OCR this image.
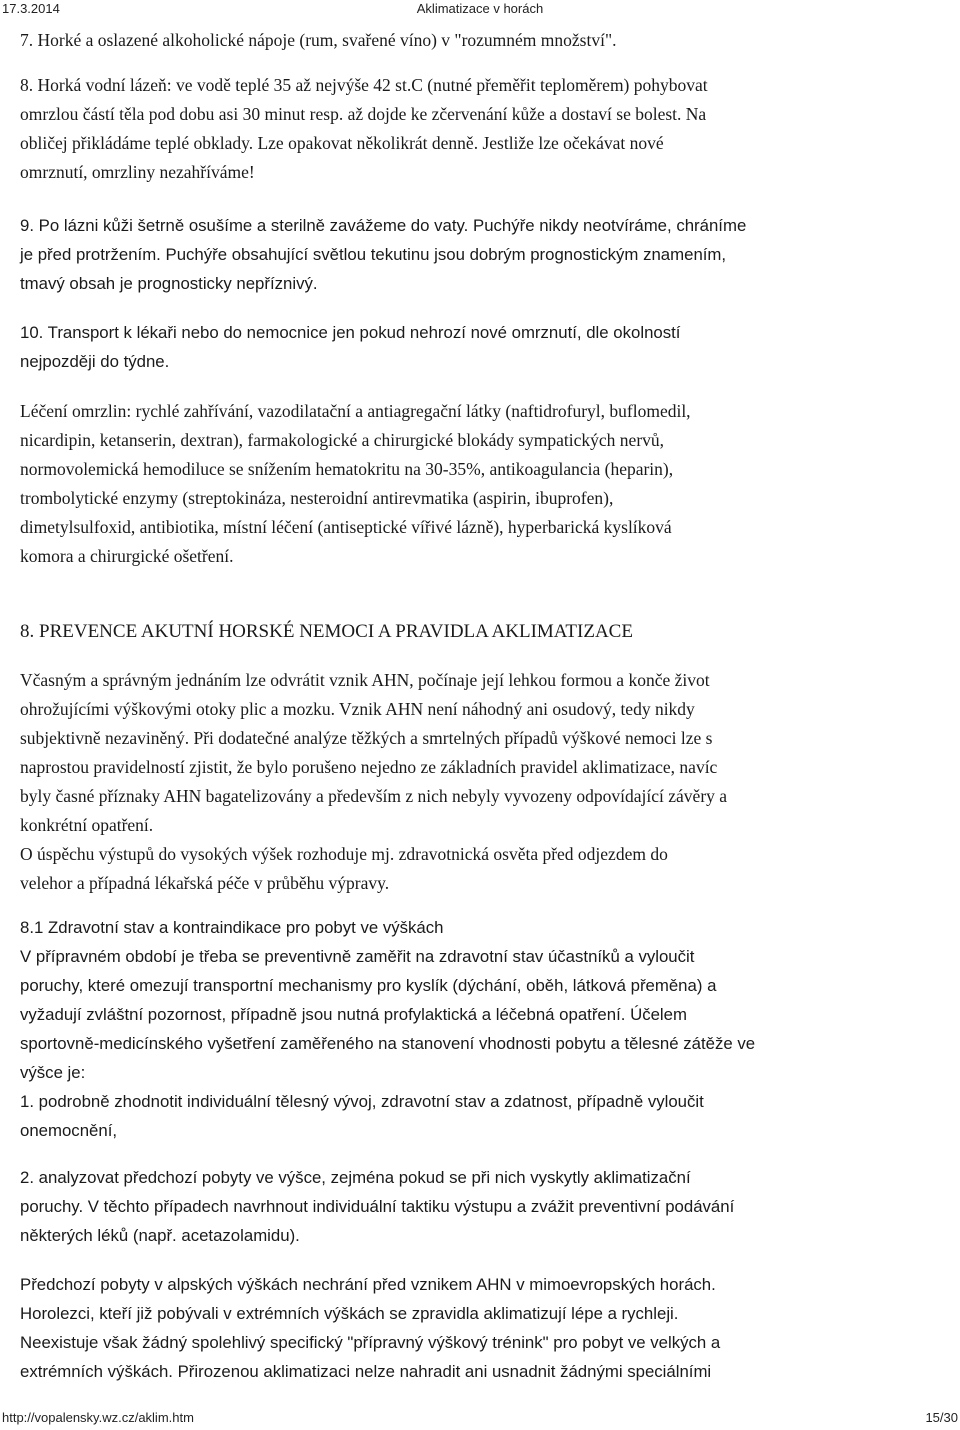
17.3.2014	Aklimatizace v horách
7. Horké a oslazené alkoholické nápoje (rum, svařené víno) v "rozumném množství".
8. Horká vodní lázeň: ve vodě teplé 35 až nejvýše 42 st.C (nutné přeměřit teploměrem) pohybovat
omrzlou částí těla pod dobu asi 30 minut resp. až dojde ke zčervenání kůže a dostaví se bolest. Na
obličej přikládáme teplé obklady. Lze opakovat několikrát denně. Jestliže lze očekávat nové
omrznutí, omrzliny nezahříváme!
9. Po lázni kůži šetrně osušíme a sterilně zavážeme do vaty. Puchýře nikdy neotvíráme, chráníme
je před protržením. Puchýře obsahující světlou tekutinu jsou dobrým prognostickým znamením,
tmavý obsah je prognosticky nepříznivý.
10. Transport k lékaři nebo do nemocnice jen pokud nehrozí nové omrznutí, dle okolností
nejpozději do týdne.
Léčení omrzlin: rychlé zahřívání, vazodilatační a antiagregační látky (naftidrofuryl, buflomedil,
nicardipin, ketanserin, dextran), farmakologické a chirurgické blokády sympatických nervů,
normovolemická hemodiluce se snížením hematokritu na 30-35%, antikoagulancia (heparin),
trombolytické enzymy (streptokináza, nesteroidní antirevmatika (aspirin, ibuprofen),
dimetylsulfoxid, antibiotika, místní léčení (antiseptické vířivé lázně), hyperbarická kyslíková
komora a chirurgické ošetření.
8. PREVENCE AKUTNÍ HORSKÉ NEMOCI A PRAVIDLA AKLIMATIZACE
Včasným a správným jednáním lze odvrátit vznik AHN, počínaje její lehkou formou a konče život
ohrožujícími výškovými otoky plic a mozku. Vznik AHN není náhodný ani osudový, tedy nikdy
subjektivně nezaviněný. Při dodatečné analýze těžkých a smrtelných případů výškové nemoci lze s
naprostou pravidelností zjistit, že bylo porušeno nejedno ze základních pravidel aklimatizace, navíc
byly časné příznaky AHN bagatelizovány a především z nich nebyly vyvozeny odpovídající závěry a
konkrétní opatření.
O úspěchu výstupů do vysokých výšek rozhoduje mj. zdravotnická osvěta před odjezdem do
velehor a případná lékařská péče v průběhu výpravy.
8.1 Zdravotní stav a kontraindikace pro pobyt ve výškách
V přípravném období je třeba se preventivně zaměřit na zdravotní stav účastníků a vyloučit
poruchy, které omezují transportní mechanismy pro kyslík (dýchání, oběh, látková přeměna) a
vyžadují zvláštní pozornost, případně jsou nutná profylaktická a léčebná opatření. Účelem
sportovně-medicínského vyšetření zaměřeného na stanovení vhodnosti pobytu a tělesné zátěže ve
výšce je:
1. podrobně zhodnotit individuální tělesný vývoj, zdravotní stav a zdatnost, případně vyloučit
onemocnění,
2. analyzovat předchozí pobyty ve výšce, zejména pokud se při nich vyskytly aklimatizační
poruchy. V těchto případech navrhnout individuální taktiku výstupu a zvážit preventivní podávání
některých léků (např. acetazolamidu).
Předchozí pobyty v alpských výškách nechrání před vznikem AHN v mimoevropských horách.
Horolezci, kteří již pobývali v extrémních výškách se zpravidla aklimatizují lépe a rychleji.
Neexistuje však žádný spolehlivý specifický "přípravný výškový trénink" pro pobyt ve velkých a
extrémních výškách. Přirozenou aklimatizaci nelze nahradit ani usnadnit žádnými speciálními
http://vopalensky.wz.cz/aklim.htm	15/30
